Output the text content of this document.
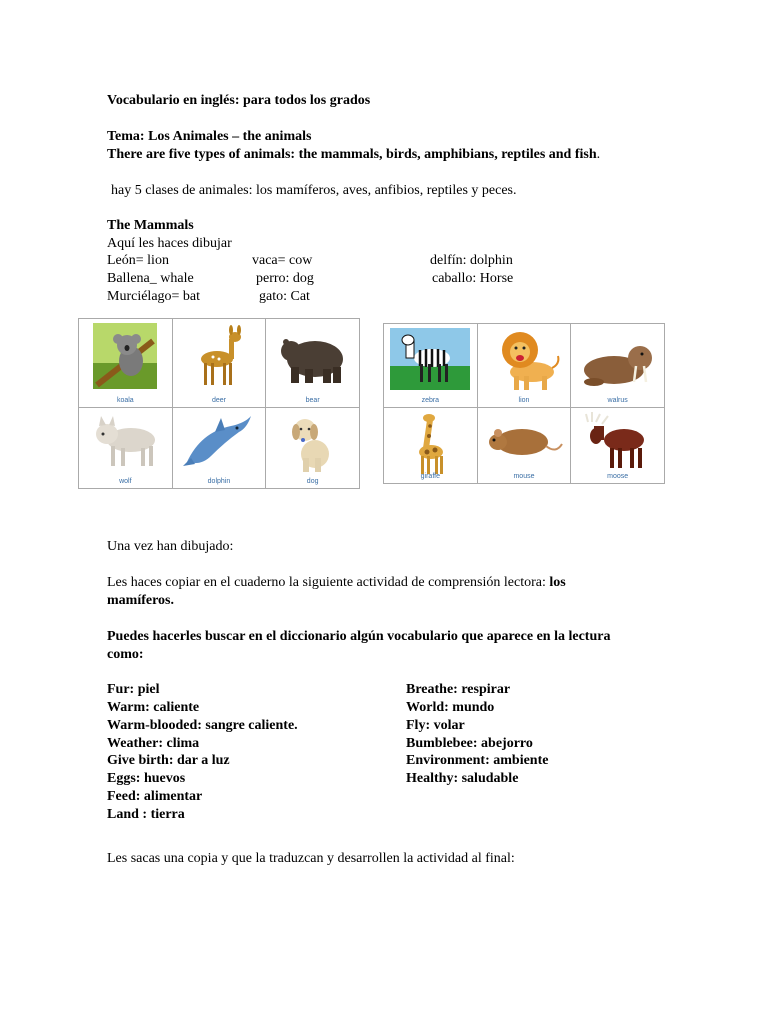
Vocabulario en inglés: para todos los grados
Tema: Los Animales – the animals
There are five types of animals: the mammals, birds, amphibians, reptiles and fish.
hay 5 clases de animales: los mamíferos, aves, anfibios, reptiles y peces.
The Mammals
Aquí les haces dibujar
León= lion	vaca= cow	delfín: dolphin
Ballena_ whale	perro: dog	caballo: Horse
Murciélago= bat	gato: Cat
koala	deer	bear

wolf	dolphin	dog
zebra	lion	walrus

giraffe	mouse	moose
Una vez han dibujado:
Les haces copiar en el cuaderno la siguiente actividad de comprensión lectora: los
mamíferos.
Puedes hacerles buscar en el diccionario algún vocabulario que aparece en la lectura
como:
Fur: piel
Warm: caliente
Warm-blooded: sangre caliente.
Weather: clima
Give birth: dar a luz
Eggs: huevos
Feed: alimentar
Land : tierra
Breathe: respirar
World: mundo
Fly: volar
Bumblebee: abejorro
Environment: ambiente
Healthy: saludable
Les sacas una copia y que la traduzcan y desarrollen la actividad al final:
